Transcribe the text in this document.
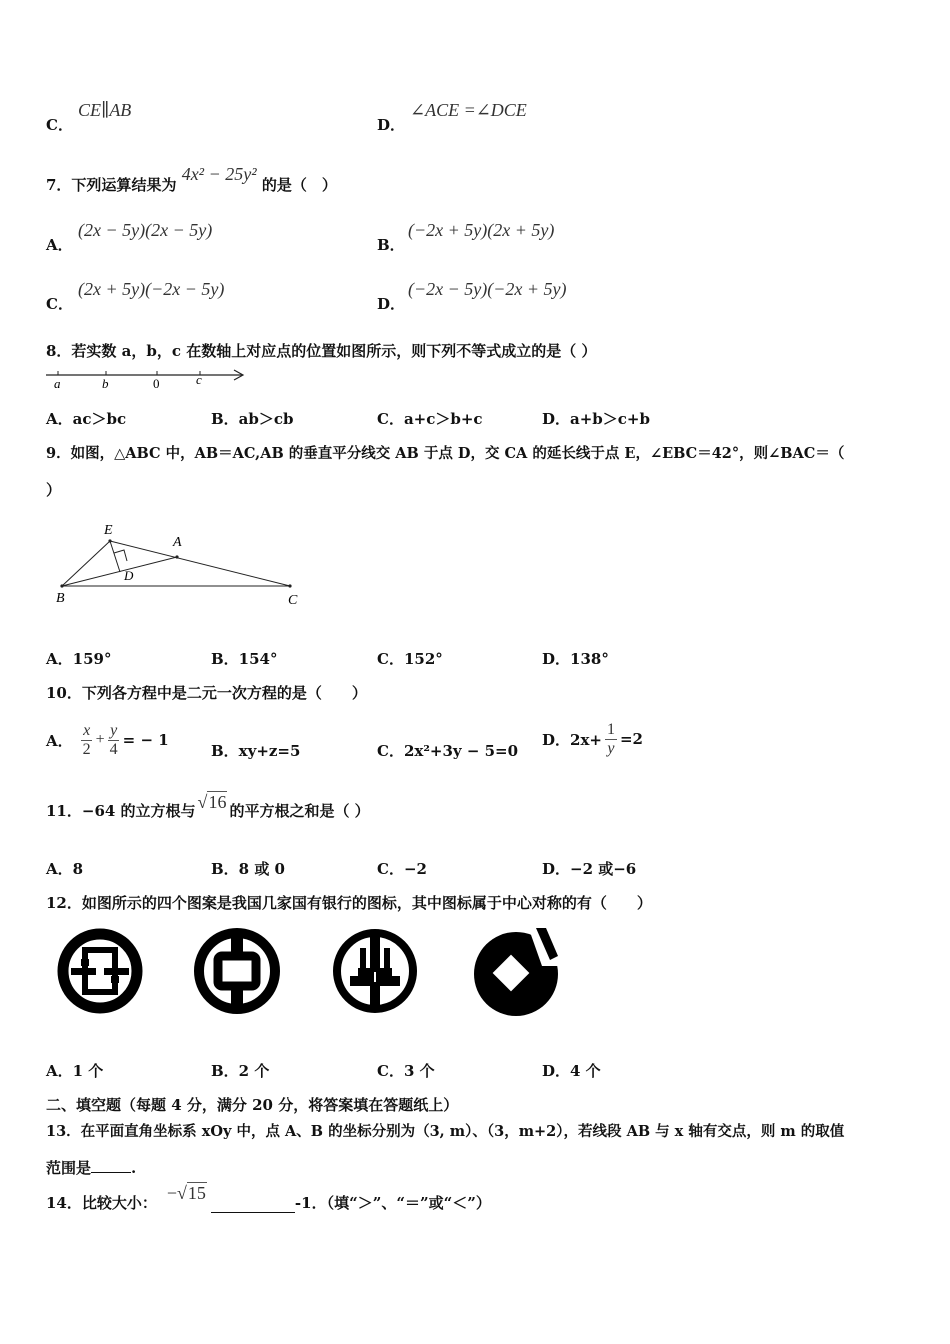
C．
CE∥AB
D．
∠ACE =∠DCE
7．下列运算结果为 4x² − 25y² 的是（　）
A．
(2x − 5y)(2x − 5y)
B．
(−2x + 5y)(2x + 5y)
C．
(2x + 5y)(−2x − 5y)
D．
(−2x − 5y)(−2x + 5y)
8．若实数 a，b，c 在数轴上对应点的位置如图所示，则下列不等式成立的是（ ）
a	b	0	c
A．ac＞bc	B．ab＞cb	C．a+c＞b+c	D．a+b＞c+b
9．如图，△ABC 中，AB＝AC,AB 的垂直平分线交 AB 于点 D，交 CA 的延长线于点 E，∠EBC＝42°，则∠BAC＝（
）
E
A
D
B	C
A．159°	B．154°	C．152°	D．138°
10．下列各方程中是二元一次方程的是（　　）
A． $\frac{x}{2} + \frac{y}{4}$ = − 1
B．xy+z=5	C．2x²+3y − 5=0
D．$2x+ \frac{1}{y} =2$
11．−64 的立方根与 √16 的平方根之和是（ ）
A．8	B．8 或 0	C．−2	D．−2 或−6
12．如图所示的四个图案是我国几家国有银行的图标，其中图标属于中心对称的有（　　）
A．1 个	B．2 个	C．3 个	D．4 个
二、填空题（每题 4 分，满分 20 分，将答案填在答题纸上）
13．在平面直角坐标系 xOy 中，点 A、B 的坐标分别为（3, m）、（3，m+2），若线段 AB 与 x 轴有交点，则 m 的取值
范围是	.
14．比较大小： −√15	-1．（填“＞”、“＝”或“＜”）
